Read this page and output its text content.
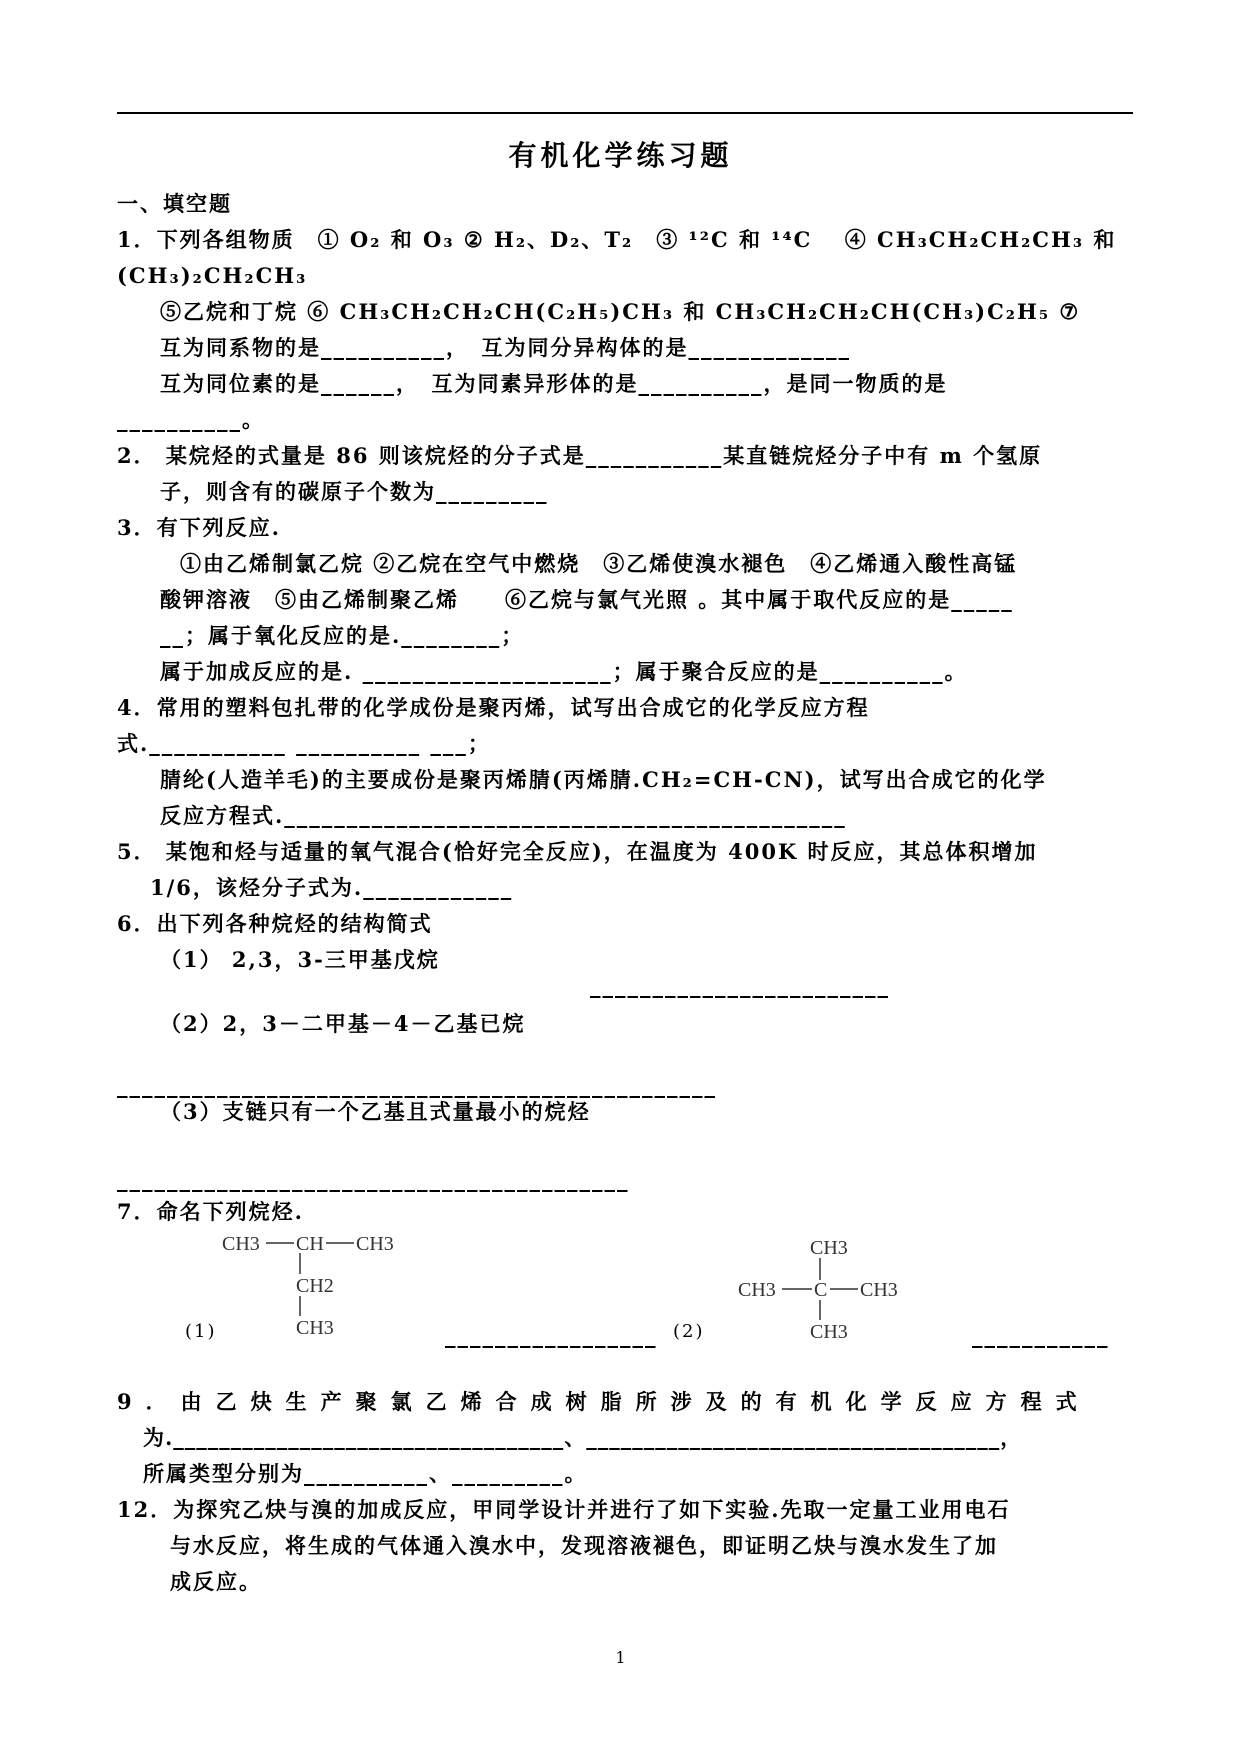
有机化学练习题
一、填空题
1．下列各组物质　① O₂ 和 O₃ ② H₂、D₂、T₂　③ ¹²C 和 ¹⁴C　 ④ CH₃CH₂CH₂CH₃ 和
(CH₃)₂CH₂CH₃
⑤乙烷和丁烷 ⑥ CH₃CH₂CH₂CH(C₂H₅)CH₃ 和 CH₃CH₂CH₂CH(CH₃)C₂H₅ ⑦
互为同系物的是__________，　互为同分异构体的是_____________
互为同位素的是______，　互为同素异形体的是__________，是同一物质的是
__________。
2． 某烷烃的式量是 86 则该烷烃的分子式是___________某直链烷烃分子中有 m 个氢原
子，则含有的碳原子个数为_________
3．有下列反应.
①由乙烯制氯乙烷 ②乙烷在空气中燃烧　③乙烯使溴水褪色　④乙烯通入酸性高锰
酸钾溶液　⑤由乙烯制聚乙烯　　⑥乙烷与氯气光照 。其中属于取代反应的是_____
__；属于氧化反应的是.________；
属于加成反应的是. ____________________；属于聚合反应的是__________。
4．常用的塑料包扎带的化学成份是聚丙烯，试写出合成它的化学反应方程
式.___________ __________ ___；
腈纶(人造羊毛)的主要成份是聚丙烯腈(丙烯腈.CH₂=CH-CN)，试写出合成它的化学
反应方程式._____________________________________________
5． 某饱和烃与适量的氧气混合(恰好完全反应)，在温度为 400K 时反应，其总体积增加
1/6，该烃分子式为.____________
6．出下列各种烷烃的结构简式
（1） 2,3，3-三甲基戊烷
________________________
（2）2，3－二甲基－4－乙基已烷
________________________________________________
（3）支链只有一个乙基且式量最小的烷烃
_________________________________________
7．命名下列烷烃.
CH3 CH CH3
CH2
CH3
(1)	_________________ (2)
CH3
CH3 C CH3
CH3	___________
9．由乙炔生产聚氯乙烯合成树脂所涉及的有机化学反应方程式
为.__________________________________、____________________________________，
所属类型分别为__________、_________。
12．为探究乙炔与溴的加成反应，甲同学设计并进行了如下实验.先取一定量工业用电石
与水反应，将生成的气体通入溴水中，发现溶液褪色，即证明乙炔与溴水发生了加
成反应。
1
